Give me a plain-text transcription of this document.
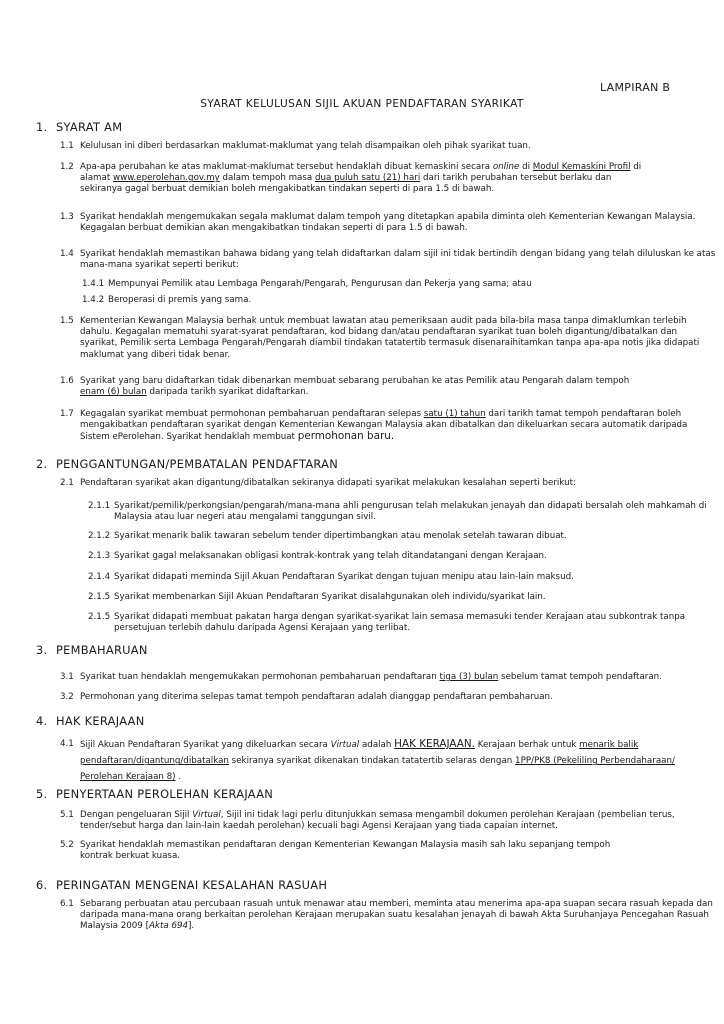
LAMPIRAN B
SYARAT KELULUSAN SIJIL AKUAN PENDAFTARAN SYARIKAT
1. SYARAT AM
1.1 Kelulusan ini diberi berdasarkan maklumat-maklumat yang telah disampaikan oleh pihak syarikat tuan.
1.2 Apa-apa perubahan ke atas maklumat-maklumat tersebut hendaklah dibuat kemaskini secara online di Modul Kemaskini Profil di
alamat www.eperolehan.gov.my dalam tempoh masa dua puluh satu (21) hari dari tarikh perubahan tersebut berlaku dan
sekiranya gagal berbuat demikian boleh mengakibatkan tindakan seperti di para 1.5 di bawah.
1.3 Syarikat hendaklah mengemukakan segala maklumat dalam tempoh yang ditetapkan apabila diminta oleh Kementerian Kewangan Malaysia.
Kegagalan berbuat demikian akan mengakibatkan tindakan seperti di para 1.5 di bawah.
1.4 Syarikat hendaklah memastikan bahawa bidang yang telah didaftarkan dalam sijil ini tidak bertindih dengan bidang yang telah diluluskan ke atas
mana-mana syarikat seperti berikut:
1.4.1 Mempunyai Pemilik atau Lembaga Pengarah/Pengarah, Pengurusan dan Pekerja yang sama; atau
1.4.2 Beroperasi di premis yang sama.
1.5 Kementerian Kewangan Malaysia berhak untuk membuat lawatan atau pemeriksaan audit pada bila-bila masa tanpa dimaklumkan terlebih
dahulu. Kegagalan mematuhi syarat-syarat pendaftaran, kod bidang dan/atau pendaftaran syarikat tuan boleh digantung/dibatalkan dan
syarikat, Pemilik serta Lembaga Pengarah/Pengarah diambil tindakan tatatertib termasuk disenaraihitamkan tanpa apa-apa notis jika didapati
maklumat yang diberi tidak benar.
1.6 Syarikat yang baru didaftarkan tidak dibenarkan membuat sebarang perubahan ke atas Pemilik atau Pengarah dalam tempoh
enam (6) bulan daripada tarikh syarikat didaftarkan.
1.7 Kegagalan syarikat membuat permohonan pembaharuan pendaftaran selepas satu (1) tahun dari tarikh tamat tempoh pendaftaran boleh
mengakibatkan pendaftaran syarikat dengan Kementerian Kewangan Malaysia akan dibatalkan dan dikeluarkan secara automatik daripada
Sistem ePerolehan. Syarikat hendaklah membuat permohonan baru.
2. PENGGANTUNGAN/PEMBATALAN PENDAFTARAN
2.1 Pendaftaran syarikat akan digantung/dibatalkan sekiranya didapati syarikat melakukan kesalahan seperti berikut:
2.1.1 Syarikat/pemilik/perkongsian/pengarah/mana-mana ahli pengurusan telah melakukan jenayah dan didapati bersalah oleh mahkamah di
Malaysia atau luar negeri atau mengalami tanggungan sivil.
2.1.2 Syarikat menarik balik tawaran sebelum tender dipertimbangkan atau menolak setelah tawaran dibuat.
2.1.3 Syarikat gagal melaksanakan obligasi kontrak-kontrak yang telah ditandatangani dengan Kerajaan.
2.1.4 Syarikat didapati meminda Sijil Akuan Pendaftaran Syarikat dengan tujuan menipu atau lain-lain maksud.
2.1.5 Syarikat membenarkan Sijil Akuan Pendaftaran Syarikat disalahgunakan oleh individu/syarikat lain.
2.1.5 Syarikat didapati membuat pakatan harga dengan syarikat-syarikat lain semasa memasuki tender Kerajaan atau subkontrak tanpa
persetujuan terlebih dahulu daripada Agensi Kerajaan yang terlibat.
3. PEMBAHARUAN
3.1 Syarikat tuan hendaklah mengemukakan permohonan pembaharuan pendaftaran tiga (3) bulan sebelum tamat tempoh pendaftaran.
3.2 Permohonan yang diterima selepas tamat tempoh pendaftaran adalah dianggap pendaftaran pembaharuan.
4. HAK KERAJAAN
4.1 Sijil Akuan Pendaftaran Syarikat yang dikeluarkan secara Virtual adalah HAK KERAJAAN. Kerajaan berhak untuk menarik balik
pendaftaran/digantung/dibatalkan sekiranya syarikat dikenakan tindakan tatatertib selaras dengan 1PP/PK8 (Pekeliling Perbendaharaan/
Perolehan Kerajaan 8) .
5. PENYERTAAN PEROLEHAN KERAJAAN
5.1 Dengan pengeluaran Sijil Virtual, Sijil ini tidak lagi perlu ditunjukkan semasa mengambil dokumen perolehan Kerajaan (pembelian terus,
tender/sebut harga dan lain-lain kaedah perolehan) kecuali bagi Agensi Kerajaan yang tiada capaian internet.
5.2 Syarikat hendaklah memastikan pendaftaran dengan Kementerian Kewangan Malaysia masih sah laku sepanjang tempoh
kontrak berkuat kuasa.
6. PERINGATAN MENGENAI KESALAHAN RASUAH
6.1 Sebarang perbuatan atau percubaan rasuah untuk menawar atau memberi, meminta atau menerima apa-apa suapan secara rasuah kepada dan
daripada mana-mana orang berkaitan perolehan Kerajaan merupakan suatu kesalahan jenayah di bawah Akta Suruhanjaya Pencegahan Rasuah
Malaysia 2009 [Akta 694].
